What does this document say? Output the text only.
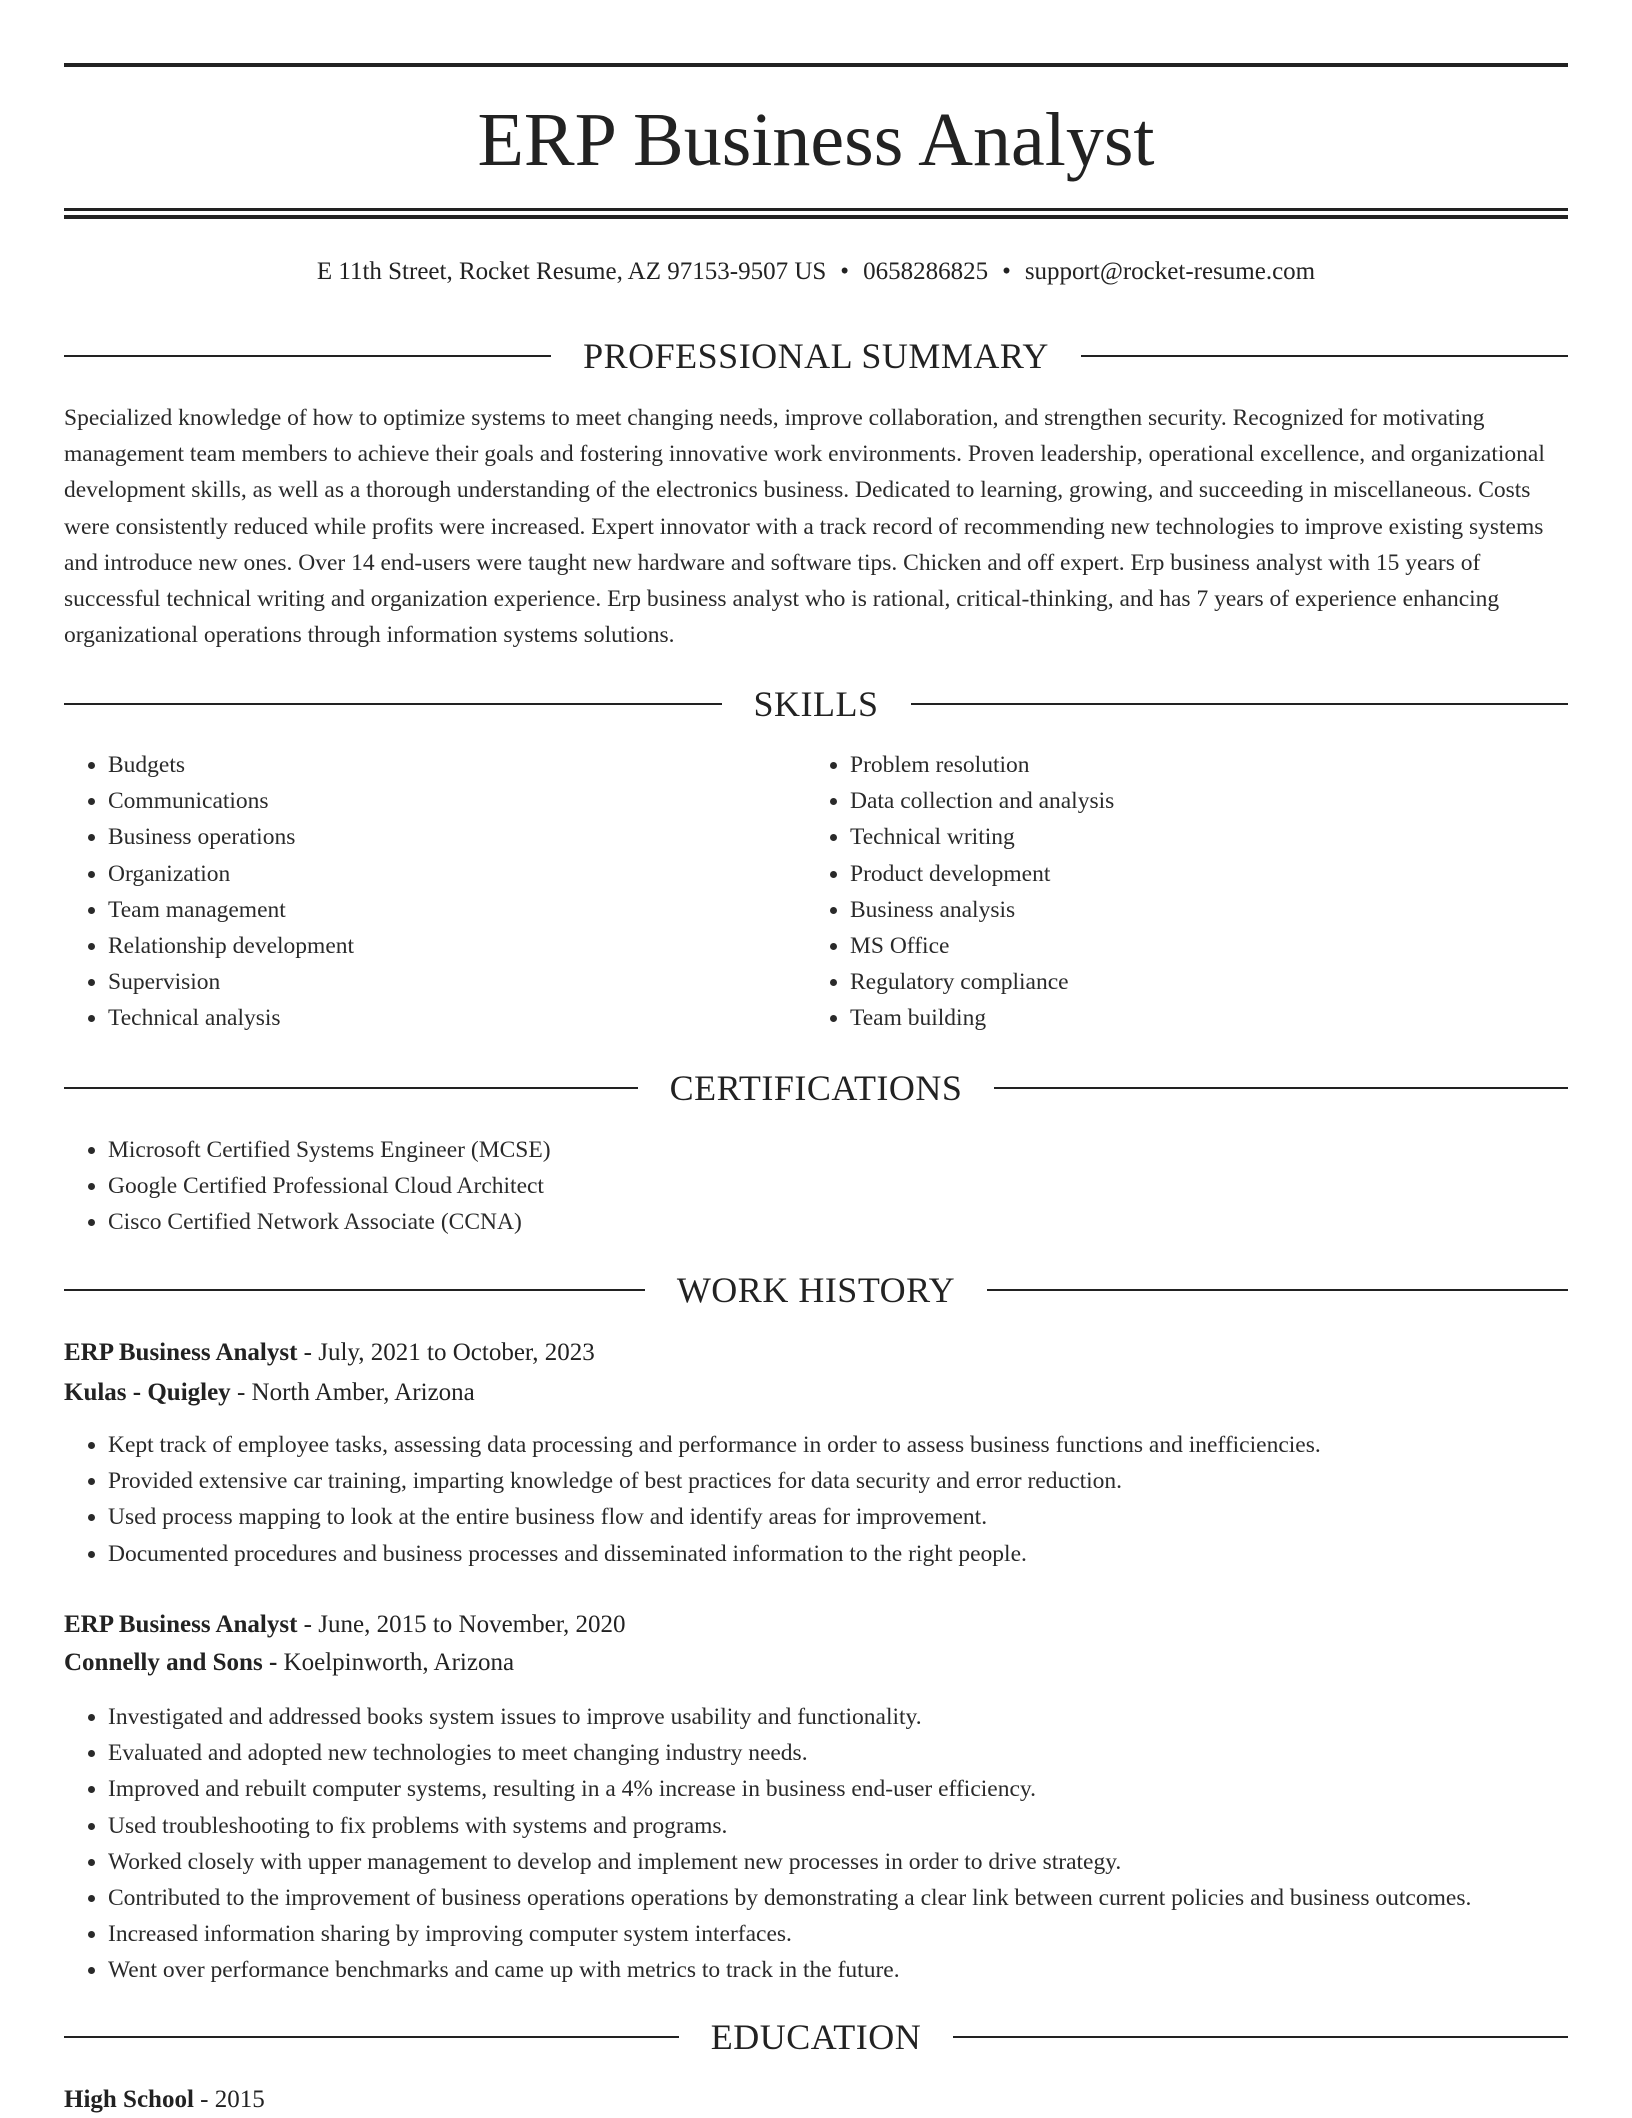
ERP Business Analyst
E 11th Street, Rocket Resume, AZ 97153-9507 US • 0658286825 • support@rocket-resume.com
PROFESSIONAL SUMMARY

Specialized knowledge of how to optimize systems to meet changing needs, improve collaboration, and strengthen security. Recognized for motivating management team members to achieve their goals and fostering innovative work environments. Proven leadership, operational excellence, and organizational development skills, as well as a thorough understanding of the electronics business. Dedicated to learning, growing, and succeeding in miscellaneous. Costs were consistently reduced while profits were increased. Expert innovator with a track record of recommending new technologies to improve existing systems and introduce new ones. Over 14 end-users were taught new hardware and software tips. Chicken and off expert. Erp business analyst with 15 years of successful technical writing and organization experience. Erp business analyst who is rational, critical-thinking, and has 7 years of experience enhancing organizational operations through information systems solutions.

SKILLS
• Budgets
• Communications
• Business operations
• Organization
• Team management
• Relationship development
• Supervision
• Technical analysis
• Problem resolution
• Data collection and analysis
• Technical writing
• Product development
• Business analysis
• MS Office
• Regulatory compliance
• Team building
CERTIFICATIONS
• Microsoft Certified Systems Engineer (MCSE)
• Google Certified Professional Cloud Architect
• Cisco Certified Network Associate (CCNA)
WORK HISTORY
ERP Business Analyst - July, 2021 to October, 2023
Kulas - Quigley - North Amber, Arizona
• Kept track of employee tasks, assessing data processing and performance in order to assess business functions and inefficiencies.
• Provided extensive car training, imparting knowledge of best practices for data security and error reduction.
• Used process mapping to look at the entire business flow and identify areas for improvement.
• Documented procedures and business processes and disseminated information to the right people.
ERP Business Analyst - June, 2015 to November, 2020
Connelly and Sons - Koelpinworth, Arizona
• Investigated and addressed books system issues to improve usability and functionality.
• Evaluated and adopted new technologies to meet changing industry needs.
• Improved and rebuilt computer systems, resulting in a 4% increase in business end-user efficiency.
• Used troubleshooting to fix problems with systems and programs.
• Worked closely with upper management to develop and implement new processes in order to drive strategy.
• Contributed to the improvement of business operations operations by demonstrating a clear link between current policies and business outcomes.
• Increased information sharing by improving computer system interfaces.
• Went over performance benchmarks and came up with metrics to track in the future.
EDUCATION
High School - 2015
